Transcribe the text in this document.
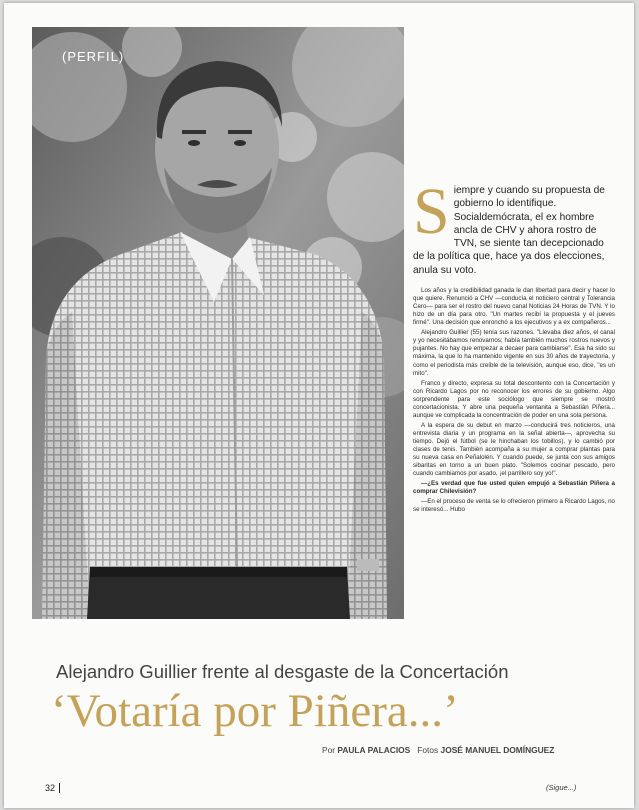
(PERFIL)
Siempre y cuando su propuesta de gobierno lo identifique. Socialdemócrata, el ex hombre ancla de CHV y ahora rostro de TVN, se siente tan decepcionado de la política que, hace ya dos elecciones, anula su voto.

Los años y la credibilidad ganada le dan libertad para decir y hacer lo que quiere. Renunció a CHV —conducía el noticiero central y Tolerancia Cero— para ser el rostro del nuevo canal Noticias 24 Horas de TVN. Y lo hizo de un día para otro. "Un martes recibí la propuesta y el jueves firmé". Una decisión que enronchó a los ejecutivos y a ex compañeros...

Alejandro Guillier (55) tenía sus razones. "Llevaba diez años, el canal y yo necesitábamos renovarnos; había también muchos rostros nuevos y pujantes. No hay que empezar a decaer para cambiarse". Esa ha sido su máxima, la que lo ha mantenido vigente en sus 30 años de trayectoria, y como el periodista más creíble de la televisión, aunque eso, dice, "es un mito".

Franco y directo, expresa su total descontento con la Concertación y con Ricardo Lagos por no reconocer los errores de su gobierno. Algo sorprendente para este sociólogo que siempre se mostró concertacionista. Y abre una pequeña ventanita a Sebastián Piñera... aunque ve complicada la concentración de poder en una sola persona.

A la espera de su debut en marzo —conducirá tres noticieros, una entrevista diaria y un programa en la señal abierta—, aprovecha su tiempo. Dejó el fútbol (se le hinchaban los tobillos), y lo cambió por clases de tenis. También acompaña a su mujer a comprar plantas para su nueva casa en Peñalolén. Y cuando puede, se junta con sus amigos sibaritas en torno a un buen plato. "Solemos cocinar pescado, pero cuando cambiamos por asado, ¡el parrillero soy yo!".

—¿Es verdad que fue usted quien empujó a Sebastián Piñera a comprar Chilevisión?

—En el proceso de venta se lo ofrecieron primero a Ricardo Lagos, no se interesó... Hubo

Alejandro Guillier frente al desgaste de la Concertación
‘Votaría por Piñera...’
Por PAULA PALACIOS Fotos JOSÉ MANUEL DOMÍNGUEZ
32	(Sigue...)
